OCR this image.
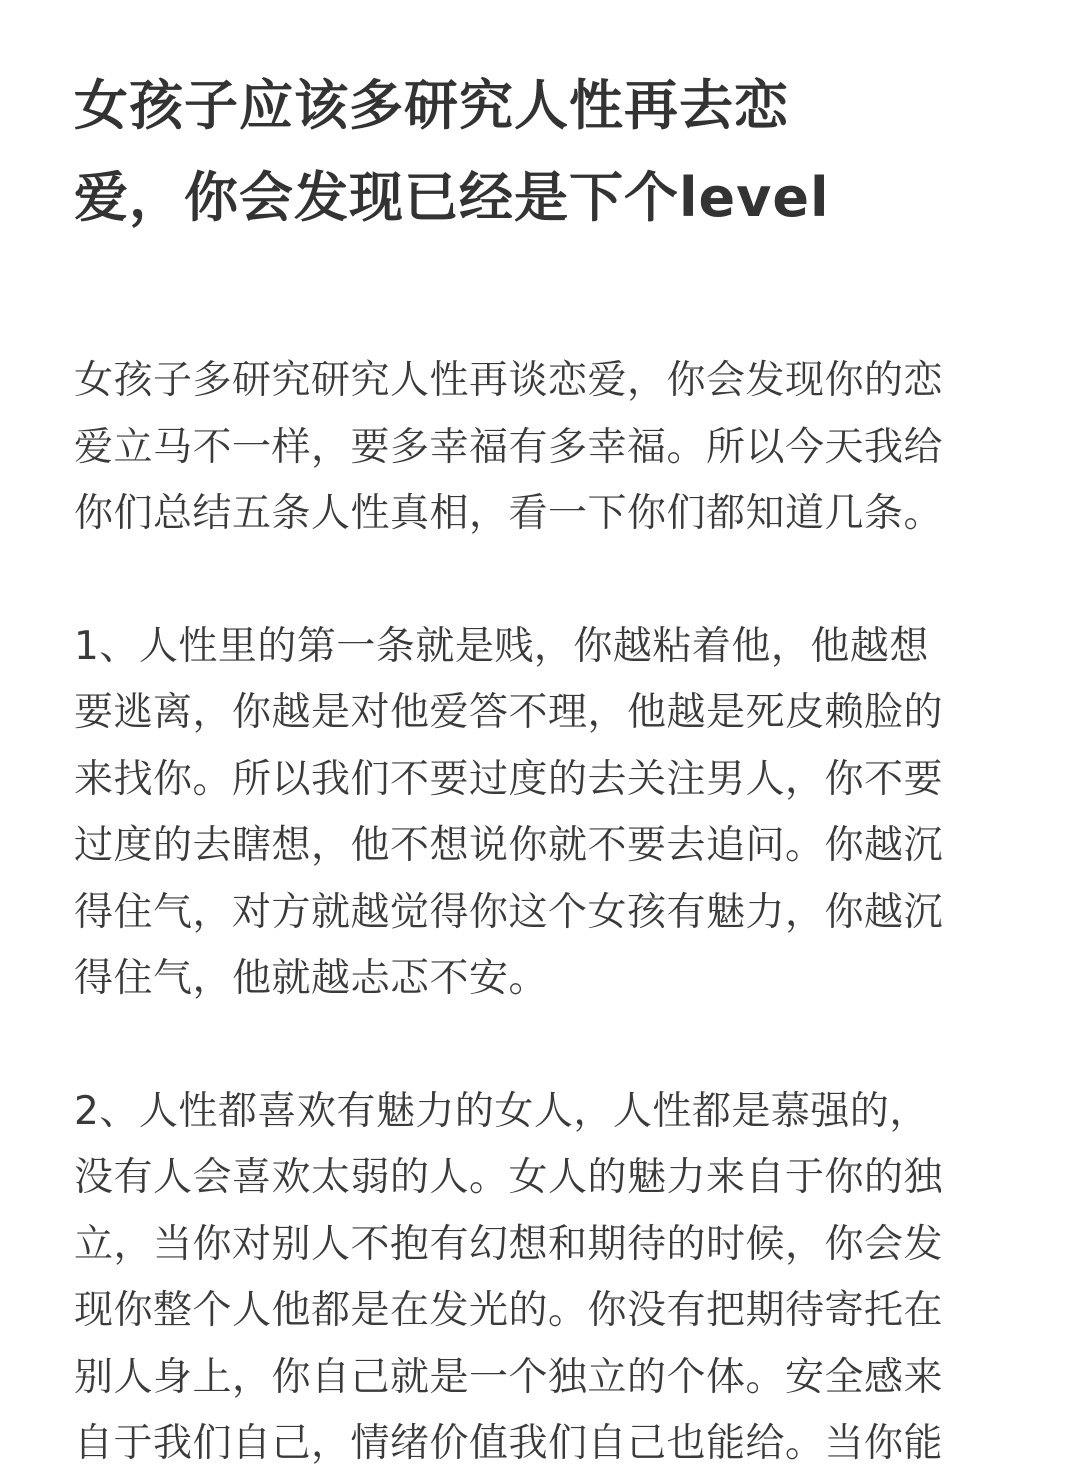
女孩子应该多研究人性再去恋
爱，你会发现已经是下个level

女孩子多研究研究人性再谈恋爱，你会发现你的恋
爱立马不一样，要多幸福有多幸福。所以今天我给
你们总结五条人性真相，看一下你们都知道几条。

1、人性里的第一条就是贱，你越粘着他，他越想
要逃离，你越是对他爱答不理，他越是死皮赖脸的
来找你。所以我们不要过度的去关注男人，你不要
过度的去瞎想，他不想说你就不要去追问。你越沉
得住气，对方就越觉得你这个女孩有魅力，你越沉
得住气，他就越忐忑不安。

2、人性都喜欢有魅力的女人，人性都是慕强的，
没有人会喜欢太弱的人。女人的魅力来自于你的独
立，当你对别人不抱有幻想和期待的时候，你会发
现你整个人他都是在发光的。你没有把期待寄托在
别人身上，你自己就是一个独立的个体。安全感来
自于我们自己，情绪价值我们自己也能给。当你能
